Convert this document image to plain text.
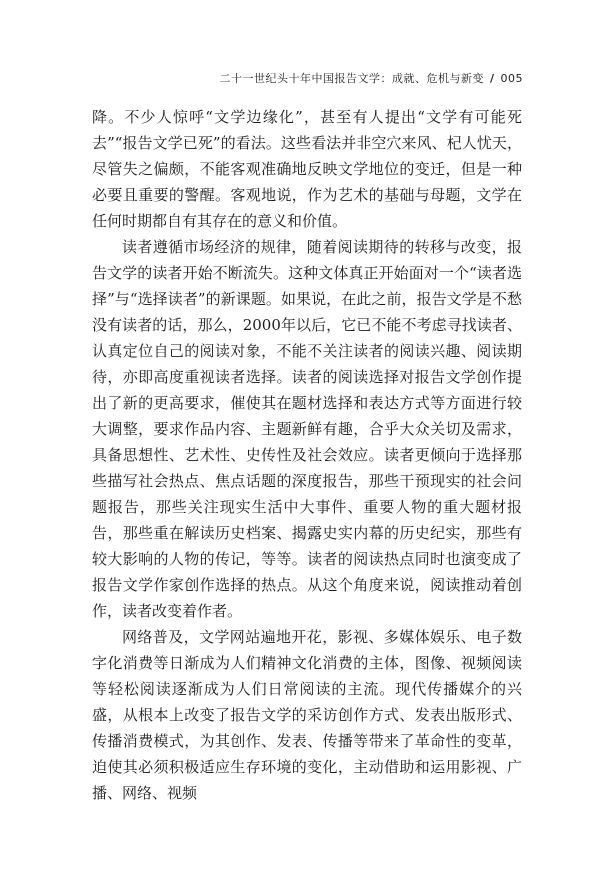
二十一世纪头十年中国报告文学：成就、危机与新变 / 005

降。不少人惊呼“文学边缘化”，甚至有人提出“文学有可能死去”“报告文学已死”的看法。这些看法并非空穴来风、杞人忧天，尽管失之偏颇，不能客观准确地反映文学地位的变迁，但是一种必要且重要的警醒。客观地说，作为艺术的基础与母题，文学在任何时期都自有其存在的意义和价值。

读者遵循市场经济的规律，随着阅读期待的转移与改变，报告文学的读者开始不断流失。这种文体真正开始面对一个“读者选择”与“选择读者”的新课题。如果说，在此之前，报告文学是不愁没有读者的话，那么，2000年以后，它已不能不考虑寻找读者、认真定位自己的阅读对象，不能不关注读者的阅读兴趣、阅读期待，亦即高度重视读者选择。读者的阅读选择对报告文学创作提出了新的更高要求，催使其在题材选择和表达方式等方面进行较大调整，要求作品内容、主题新鲜有趣，合乎大众关切及需求，具备思想性、艺术性、史传性及社会效应。读者更倾向于选择那些描写社会热点、焦点话题的深度报告，那些干预现实的社会问题报告，那些关注现实生活中大事件、重要人物的重大题材报告，那些重在解读历史档案、揭露史实内幕的历史纪实，那些有较大影响的人物的传记，等等。读者的阅读热点同时也演变成了报告文学作家创作选择的热点。从这个角度来说，阅读推动着创作，读者改变着作者。

网络普及，文学网站遍地开花，影视、多媒体娱乐、电子数字化消费等日渐成为人们精神文化消费的主体，图像、视频阅读等轻松阅读逐渐成为人们日常阅读的主流。现代传播媒介的兴盛，从根本上改变了报告文学的采访创作方式、发表出版形式、传播消费模式，为其创作、发表、传播等带来了革命性的变革，迫使其必须积极适应生存环境的变化，主动借助和运用影视、广播、网络、视频
